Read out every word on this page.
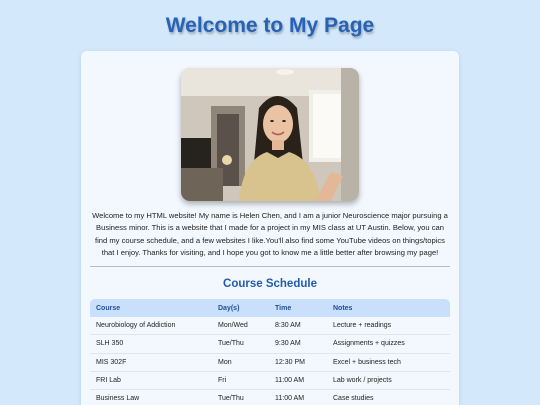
Welcome to My Page

Welcome to my HTML website! My name is Helen Chen, and I am a junior Neuroscience major pursuing a Business minor. This is a website that I made for a project in my MIS class at UT Austin. Below, you can find my course schedule, and a few websites I like.You'll also find some YouTube videos on things/topics that I enjoy. Thanks for visiting, and I hope you got to know me a little better after browsing my page!

Course Schedule
Course	Day(s)	Time	Notes
Neurobiology of Addiction	Mon/Wed	8:30 AM	Lecture + readings
SLH 350	Tue/Thu	9:30 AM	Assignments + quizzes
MIS 302F	Mon	12:30 PM	Excel + business tech
FRI Lab	Fri	11:00 AM	Lab work / projects
Business Law	Tue/Thu	11:00 AM	Case studies
